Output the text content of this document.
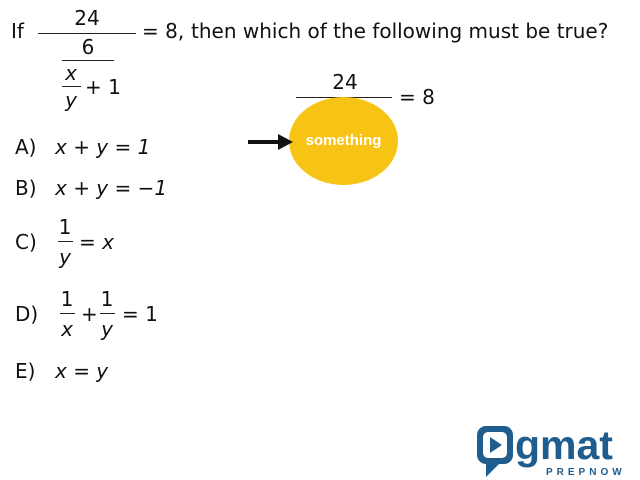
If
24
6
x
y
+ 1
= 8, then which of the following must be true?
24
= 8
something
A) x + y = 1
B) x + y = −1
C)
1
y
= x
D)
1
x
+
1
y
= 1
E) x = y
gmat
PREPNOW
